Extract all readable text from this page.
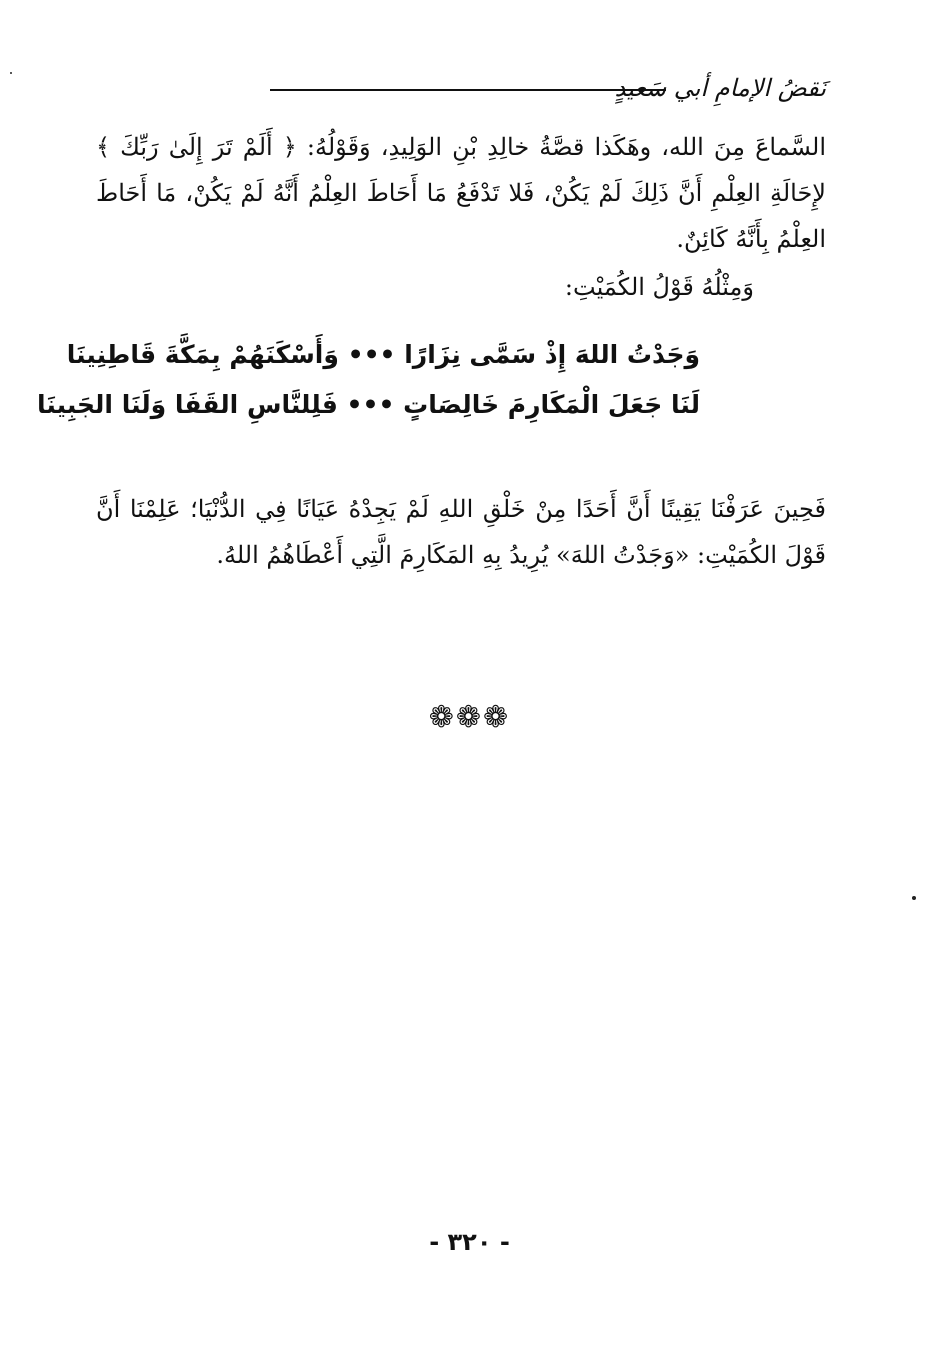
نَقضُ الإمامِ أبي سَعيدٍ

السَّماعَ مِنَ الله، وهَكَذا قصَّةُ خالِدِ بْنِ الوَلِيدِ، وَقَوْلُهُ: ﴿ أَلَمْ تَرَ إِلَىٰ رَبِّكَ ﴾ لإِحَالَةِ العِلْمِ أَنَّ ذَلِكَ لَمْ يَكُنْ، فَلا تَدْفَعُ مَا أَحَاطَ العِلْمُ أَنَّهُ لَمْ يَكُنْ، مَا أَحَاطَ العِلْمُ بِأَنَّهُ كَائِنٌ.

وَمِثْلُهُ قَوْلُ الكُمَيْتِ:

وَجَدْتُ اللهَ إِذْ سَمَّى نِزَارًا ••• وَأَسْكَنَهُمْ بِمَكَّةَ قَاطِنِينَا
لَنَا جَعَلَ الْمَكَارِمَ خَالِصَاتٍ ••• فَلِلنَّاسِ القَفَا وَلَنَا الجَبِينَا

فَحِينَ عَرَفْنَا يَقِينًا أَنَّ أَحَدًا مِنْ خَلْقِ اللهِ لَمْ يَجِدْهُ عَيَانًا فِي الدُّنْيَا؛ عَلِمْنَا أَنَّ قَوْلَ الكُمَيْتِ: «وَجَدْتُ اللهَ» يُرِيدُ بِهِ المَكَارِمَ الَّتِي أَعْطَاهُمُ اللهُ.

❁❁❁
- ٣٢٠ -
